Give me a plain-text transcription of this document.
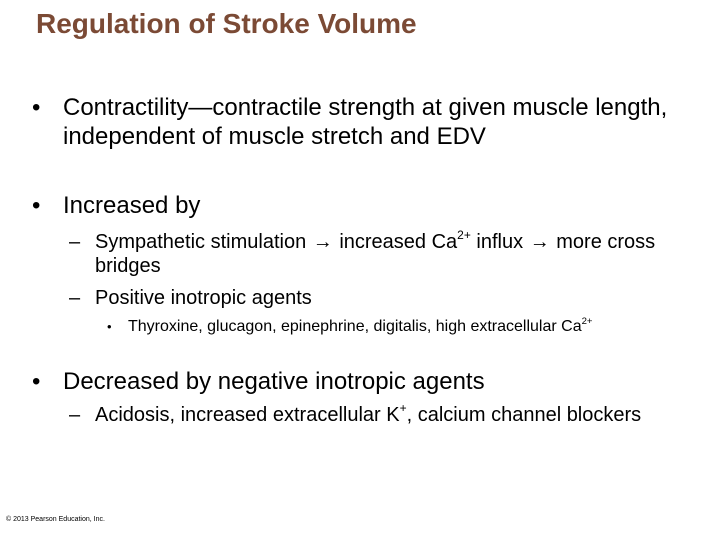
Regulation of Stroke Volume
• Contractility—contractile strength at given muscle length, independent of muscle stretch and EDV
• Increased by
– Sympathetic stimulation → increased $Ca^{2+}$ influx → more cross bridges
– Positive inotropic agents
•	Thyroxine, glucagon, epinephrine, digitalis, high extracellular $Ca^{2+}$
• Decreased by negative inotropic agents
– Acidosis, increased extracellular K+, calcium channel blockers
© 2013 Pearson Education, Inc.
